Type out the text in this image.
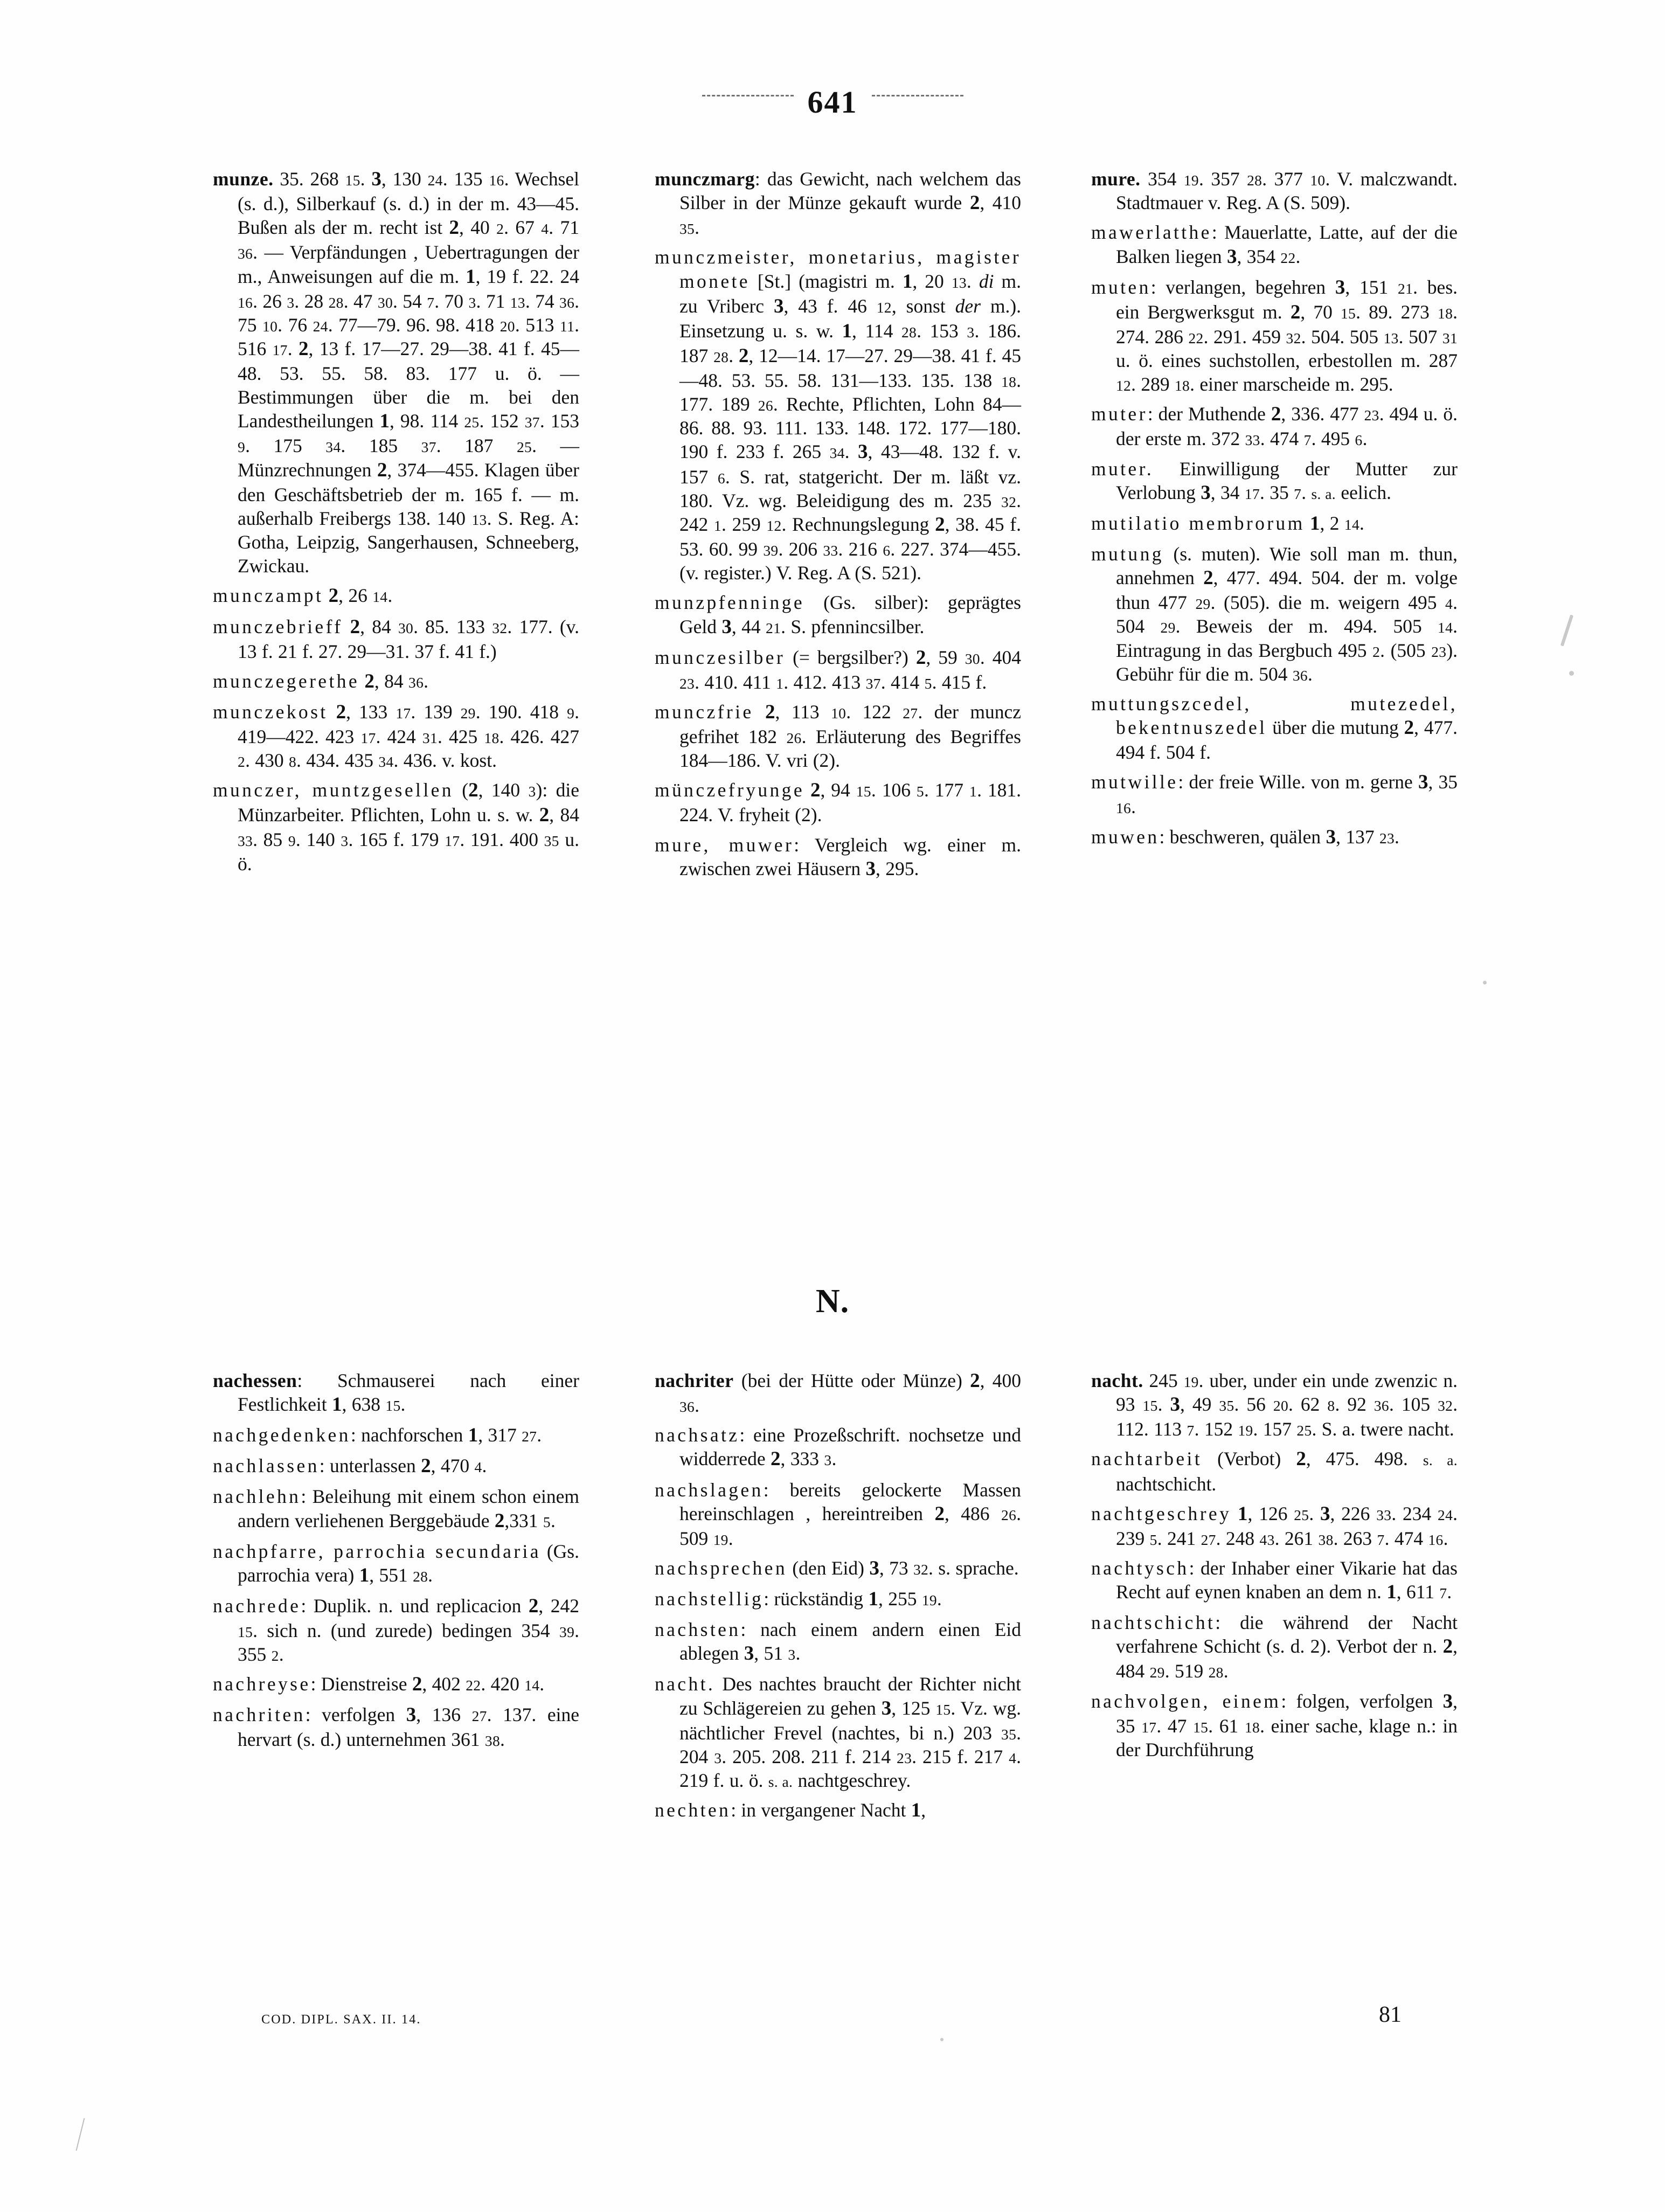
641

munze. 35. 268 15. 3, 130 24. 135 16. Wechsel (s. d.), Silberkauf (s. d.) in der m. 43—45. Bußen als der m. recht ist 2, 40 2. 67 4. 71 36. — Verpfändungen , Uebertragungen der m., Anweisungen auf die m. 1, 19 f. 22. 24 16. 26 3. 28 28. 47 30. 54 7. 70 3. 71 13. 74 36. 75 10. 76 24. 77—79. 96. 98. 418 20. 513 11. 516 17. 2, 13 f. 17—27. 29—38. 41 f. 45—48. 53. 55. 58. 83. 177 u. ö. — Bestimmungen über die m. bei den Landestheilungen 1, 98. 114 25. 152 37. 153 9. 175 34. 185 37. 187 25. — Münzrechnungen 2, 374—455. Klagen über den Geschäftsbetrieb der m. 165 f. — m. außerhalb Freibergs 138. 140 13. S. Reg. A: Gotha, Leipzig, Sangerhausen, Schneeberg, Zwickau.

munczampt 2, 26 14.

munczebrieff 2, 84 30. 85. 133 32. 177. (v. 13 f. 21 f. 27. 29—31. 37 f. 41 f.)

munczegerethe 2, 84 36.

munczekost 2, 133 17. 139 29. 190. 418 9. 419—422. 423 17. 424 31. 425 18. 426. 427 2. 430 8. 434. 435 34. 436. v. kost.

munczer, muntzgesellen (2, 140 3): die Münzarbeiter. Pflichten, Lohn u. s. w. 2, 84 33. 85 9. 140 3. 165 f. 179 17. 191. 400 35 u. ö.

munczmarg: das Gewicht, nach welchem das Silber in der Münze gekauft wurde 2, 410 35.

munczmeister, monetarius, magister monete [St.] (magistri m. 1, 20 13. di m. zu Vriberc 3, 43 f. 46 12, sonst der m.). Einsetzung u. s. w. 1, 114 28. 153 3. 186. 187 28. 2, 12—14. 17—27. 29—38. 41 f. 45—48. 53. 55. 58. 131—133. 135. 138 18. 177. 189 26. Rechte, Pflichten, Lohn 84—86. 88. 93. 111. 133. 148. 172. 177—180. 190 f. 233 f. 265 34. 3, 43—48. 132 f. v. 157 6. S. rat, statgericht. Der m. läßt vz. 180. Vz. wg. Beleidigung des m. 235 32. 242 1. 259 12. Rechnungslegung 2, 38. 45 f. 53. 60. 99 39. 206 33. 216 6. 227. 374—455. (v. register.) V. Reg. A (S. 521).

munzpfenninge (Gs. silber): geprägtes Geld 3, 44 21. S. pfennincsilber.

munczesilber (= bergsilber?) 2, 59 30. 404 23. 410. 411 1. 412. 413 37. 414 5. 415 f.

munczfrie 2, 113 10. 122 27. der muncz gefrihet 182 26. Erläuterung des Begriffes 184—186. V. vri (2).

münczefryunge 2, 94 15. 106 5. 177 1. 181. 224. V. fryheit (2).

mure, muwer: Vergleich wg. einer m. zwischen zwei Häusern 3, 295.

mure. 354 19. 357 28. 377 10. V. malczwandt. Stadtmauer v. Reg. A (S. 509).

mawerlatthe: Mauerlatte, Latte, auf der die Balken liegen 3, 354 22.

muten: verlangen, begehren 3, 151 21. bes. ein Bergwerksgut m. 2, 70 15. 89. 273 18. 274. 286 22. 291. 459 32. 504. 505 13. 507 31 u. ö. eines suchstollen, erbestollen m. 287 12. 289 18. einer marscheide m. 295.

muter: der Muthende 2, 336. 477 23. 494 u. ö. der erste m. 372 33. 474 7. 495 6.

muter. Einwilligung der Mutter zur Verlobung 3, 34 17. 35 7. s. a. eelich.

mutilatio membrorum 1, 2 14.

mutung (s. muten). Wie soll man m. thun, annehmen 2, 477. 494. 504. der m. volge thun 477 29. (505). die m. weigern 495 4. 504 29. Beweis der m. 494. 505 14. Eintragung in das Bergbuch 495 2. (505 23). Gebühr für die m. 504 36.

muttungszcedel, mutezedel, bekentnuszedel über die mutung 2, 477. 494 f. 504 f.

mutwille: der freie Wille. von m. gerne 3, 35 16.

muwen: beschweren, quälen 3, 137 23.

N.

nachessen: Schmauserei nach einer Festlichkeit 1, 638 15.

nachgedenken: nachforschen 1, 317 27.

nachlassen: unterlassen 2, 470 4.

nachlehn: Beleihung mit einem schon einem andern verliehenen Berggebäude 2,331 5.

nachpfarre, parrochia secundaria (Gs. parrochia vera) 1, 551 28.

nachrede: Duplik. n. und replicacion 2, 242 15. sich n. (und zurede) bedingen 354 39. 355 2.

nachreyse: Dienstreise 2, 402 22. 420 14.

nachriten: verfolgen 3, 136 27. 137. eine hervart (s. d.) unternehmen 361 38.

nachriter (bei der Hütte oder Münze) 2, 400 36.

nachsatz: eine Prozeßschrift. nochsetze und widderrede 2, 333 3.

nachslagen: bereits gelockerte Massen hereinschlagen , hereintreiben 2, 486 26. 509 19.

nachsprechen (den Eid) 3, 73 32. s. sprache.

nachstellig: rückständig 1, 255 19.

nachsten: nach einem andern einen Eid ablegen 3, 51 3.

nacht. Des nachtes braucht der Richter nicht zu Schlägereien zu gehen 3, 125 15. Vz. wg. nächtlicher Frevel (nachtes, bi n.) 203 35. 204 3. 205. 208. 211 f. 214 23. 215 f. 217 4. 219 f. u. ö. s. a. nachtgeschrey.

nechten: in vergangener Nacht 1,

nacht. 245 19. uber, under ein unde zwenzic n. 93 15. 3, 49 35. 56 20. 62 8. 92 36. 105 32. 112. 113 7. 152 19. 157 25. S. a. twere nacht.

nachtarbeit (Verbot) 2, 475. 498. s. a. nachtschicht.

nachtgeschrey 1, 126 25. 3, 226 33. 234 24. 239 5. 241 27. 248 43. 261 38. 263 7. 474 16.

nachtysch: der Inhaber einer Vikarie hat das Recht auf eynen knaben an dem n. 1, 611 7.

nachtschicht: die während der Nacht verfahrene Schicht (s. d. 2). Verbot der n. 2, 484 29. 519 28.

nachvolgen, einem: folgen, verfolgen 3, 35 17. 47 15. 61 18. einer sache, klage n.: in der Durchführung

COD. DIPL. SAX. II. 14.	81
